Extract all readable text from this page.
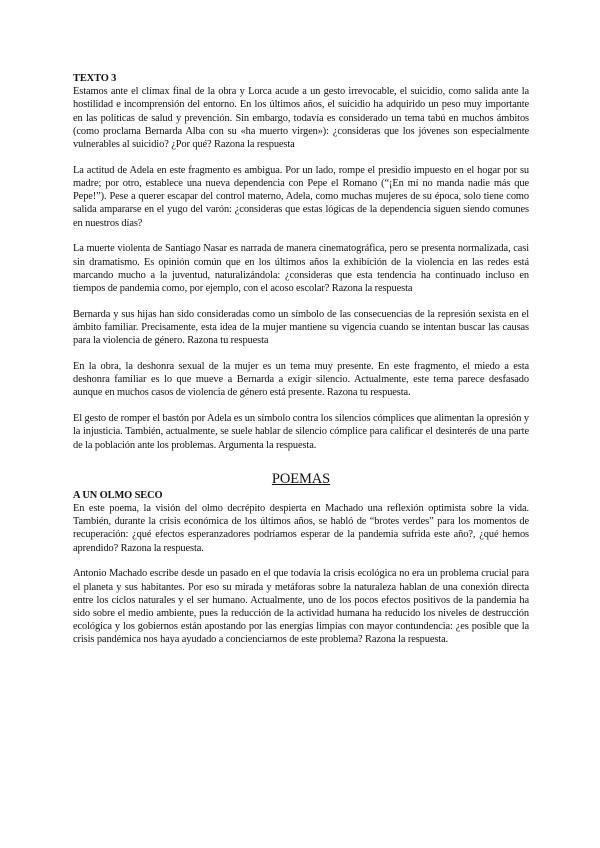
TEXTO 3

Estamos ante el clímax final de la obra y Lorca acude a un gesto irrevocable, el suicidio, como salida ante la hostilidad e incomprensión del entorno. En los últimos años, el suicidio ha adquirido un peso muy importante en las políticas de salud y prevención. Sin embargo, todavía es considerado un tema tabú en muchos ámbitos (como proclama Bernarda Alba con su «ha muerto virgen»): ¿consideras que los jóvenes son especialmente vulnerables al suicidio? ¿Por qué? Razona la respuesta

La actitud de Adela en este fragmento es ambigua. Por un lado, rompe el presidio impuesto en el hogar por su madre; por otro, establece una nueva dependencia con Pepe el Romano (“¡En mí no manda nadie más que Pepe!”). Pese a querer escapar del control materno, Adela, como muchas mujeres de su época, solo tiene como salida ampararse en el yugo del varón: ¿consideras que estas lógicas de la dependencia siguen siendo comunes en nuestros días?

La muerte violenta de Santiago Nasar es narrada de manera cinematográfica, pero se presenta normalizada, casi sin dramatismo. Es opinión común que en los últimos años la exhibición de la violencia en las redes está marcando mucho a la juventud, naturalizándola: ¿consideras que esta tendencia ha continuado incluso en tiempos de pandemia como, por ejemplo, con el acoso escolar? Razona la respuesta

Bernarda y sus hijas han sido consideradas como un símbolo de las consecuencias de la represión sexista en el ámbito familiar. Precisamente, esta idea de la mujer mantiene su vigencia cuando se intentan buscar las causas para la violencia de género. Razona tu respuesta

En la obra, la deshonra sexual de la mujer es un tema muy presente. En este fragmento, el miedo a esta deshonra familiar es lo que mueve a Bernarda a exigir silencio. Actualmente, este tema parece desfasado aunque en muchos casos de violencia de género está presente. Razona tu respuesta.

El gesto de romper el bastón por Adela es un símbolo contra los silencios cómplices que alimentan la opresión y la injusticia. También, actualmente, se suele hablar de silencio cómplice para calificar el desinterés de una parte de la población ante los problemas. Argumenta la respuesta.

POEMAS

A UN OLMO SECO

En este poema, la visión del olmo decrépito despierta en Machado una reflexión optimista sobre la vida. También, durante la crisis económica de los últimos años, se habló de “brotes verdes” para los momentos de recuperación: ¿qué efectos esperanzadores podríamos esperar de la pandemia sufrida este año?, ¿qué hemos aprendido? Razona la respuesta.

Antonio Machado escribe desde un pasado en el que todavía la crisis ecológica no era un problema crucial para el planeta y sus habitantes. Por eso su mirada y metáforas sobre la naturaleza hablan de una conexión directa entre los ciclos naturales y el ser humano. Actualmente, uno de los pocos efectos positivos de la pandemia ha sido sobre el medio ambiente, pues la reducción de la actividad humana ha reducido los niveles de destrucción ecológica y los gobiernos están apostando por las energías limpias con mayor contundencia: ¿es posible que la crisis pandémica nos haya ayudado a concienciarnos de este problema? Razona la respuesta.
